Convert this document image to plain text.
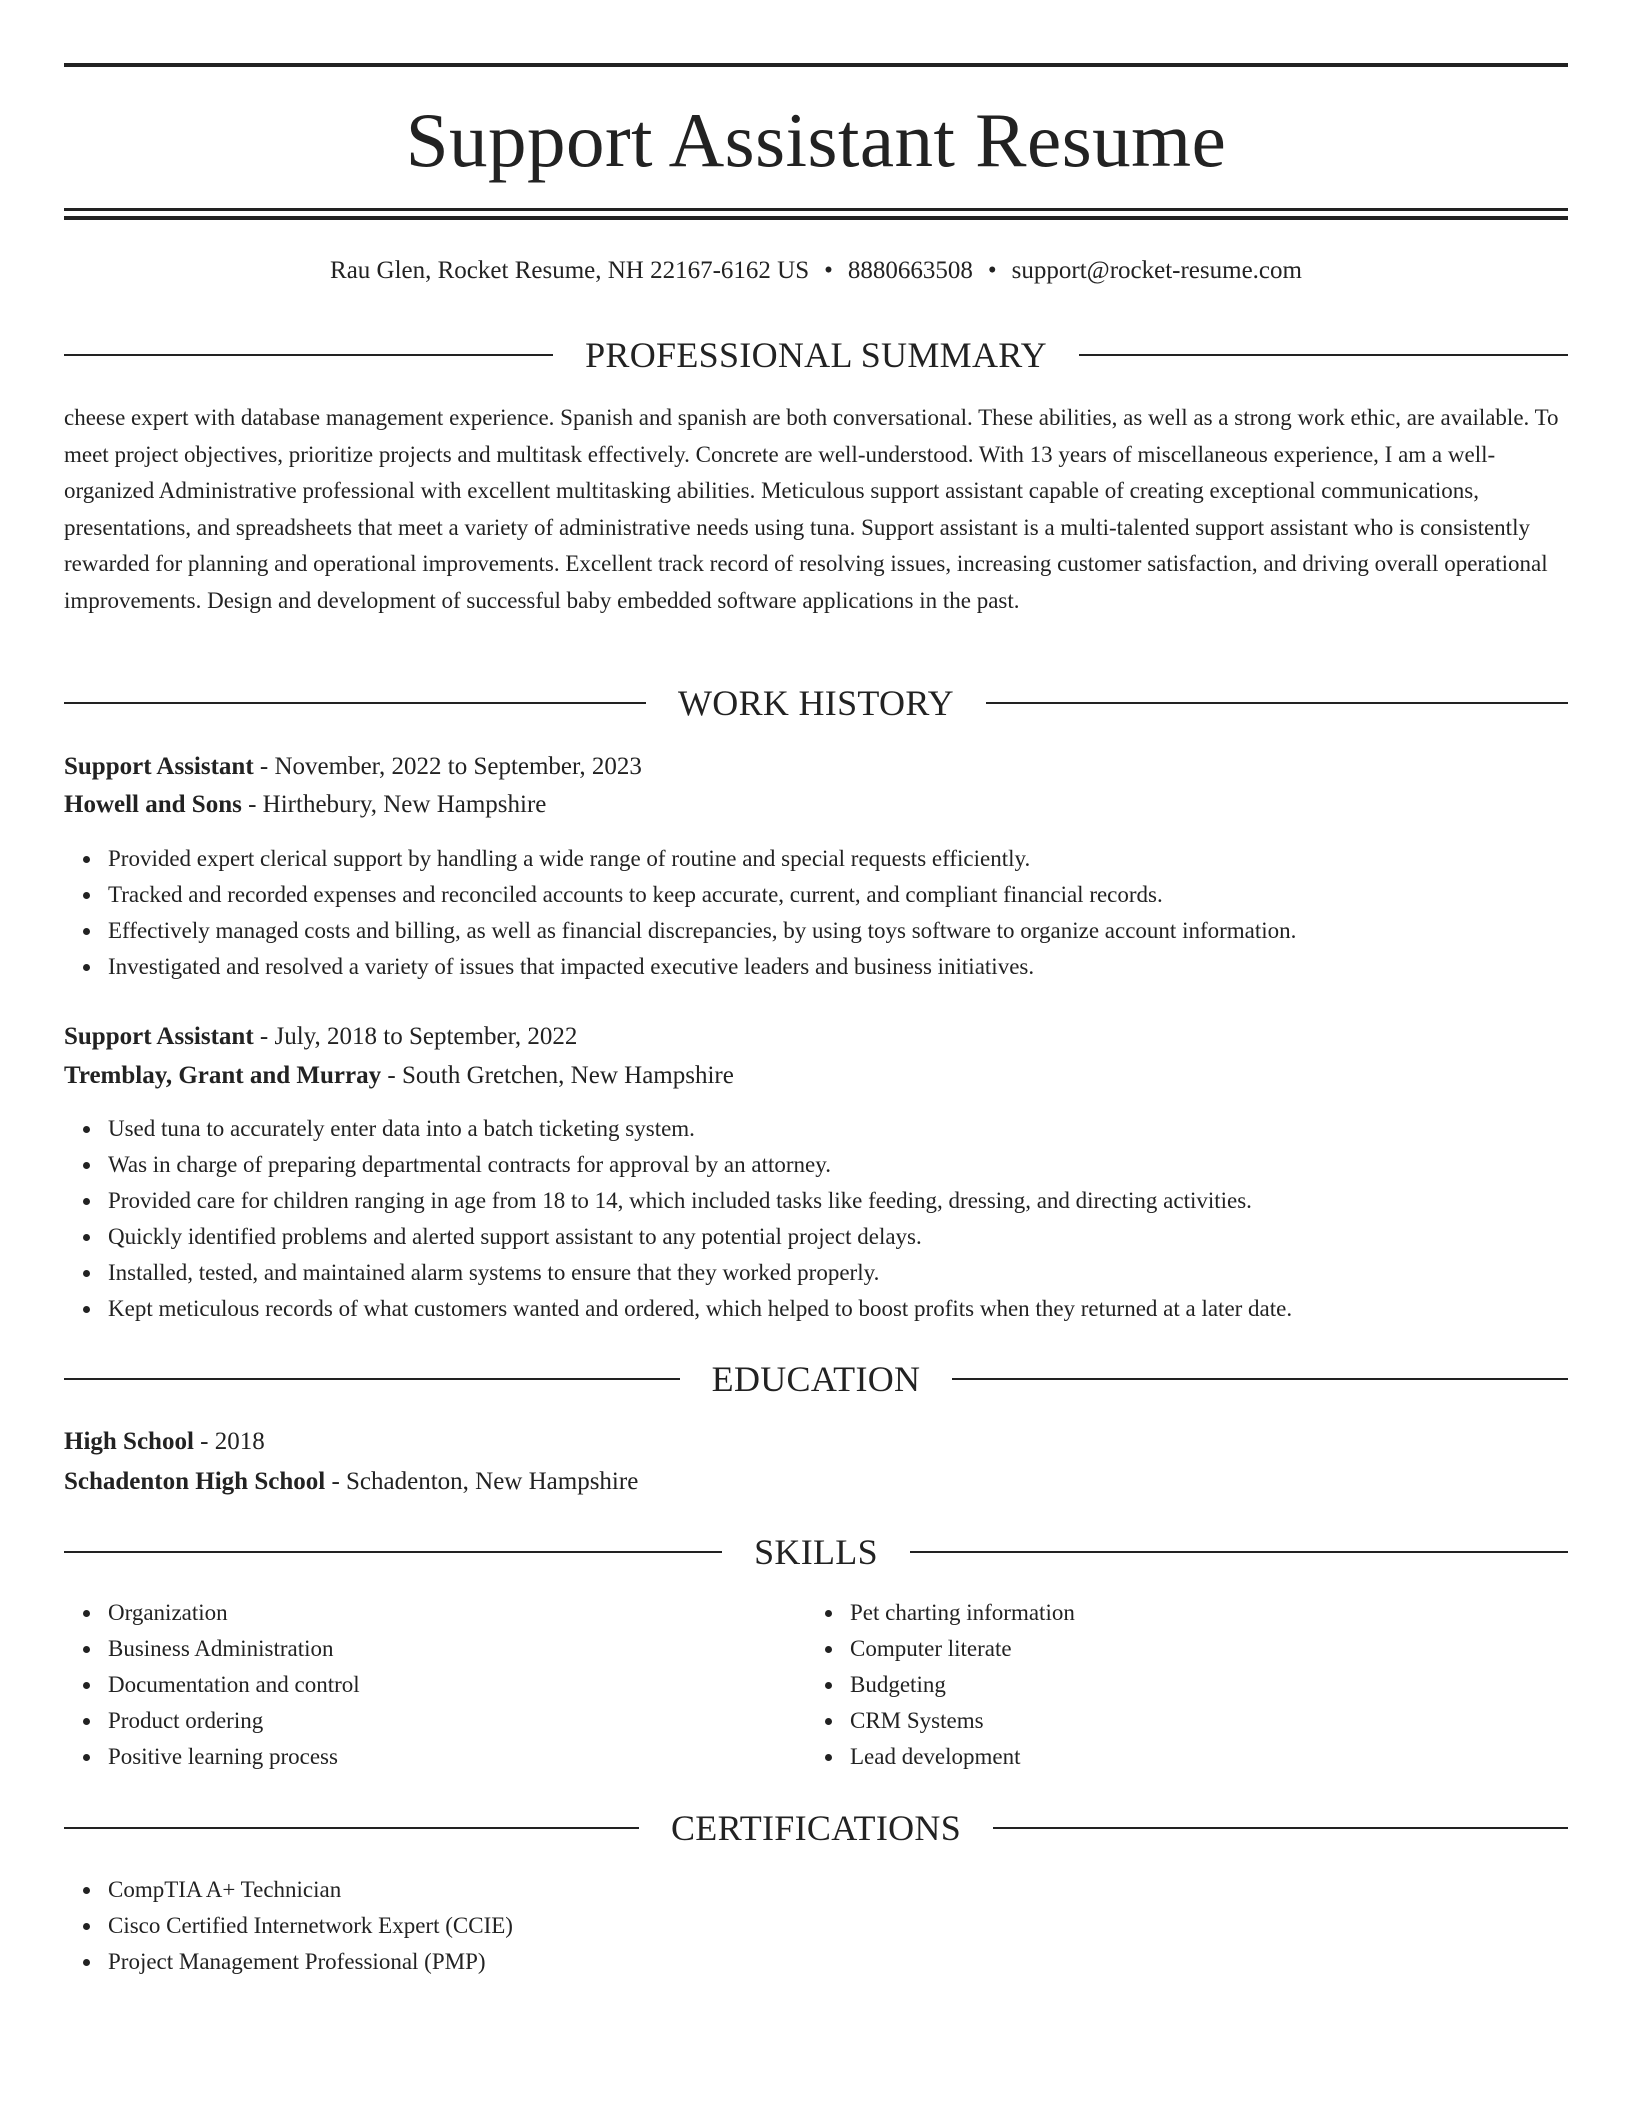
Support Assistant Resume
Rau Glen, Rocket Resume, NH 22167-6162 US • 8880663508 • support@rocket-resume.com
PROFESSIONAL SUMMARY

cheese expert with database management experience. Spanish and spanish are both conversational. These abilities, as well as a strong work ethic, are available. To meet project objectives, prioritize projects and multitask effectively. Concrete are well-understood. With 13 years of miscellaneous experience, I am a well-organized Administrative professional with excellent multitasking abilities. Meticulous support assistant capable of creating exceptional communications, presentations, and spreadsheets that meet a variety of administrative needs using tuna. Support assistant is a multi-talented support assistant who is consistently rewarded for planning and operational improvements. Excellent track record of resolving issues, increasing customer satisfaction, and driving overall operational improvements. Design and development of successful baby embedded software applications in the past.

WORK HISTORY
Support Assistant - November, 2022 to September, 2023
Howell and Sons - Hirthebury, New Hampshire
Provided expert clerical support by handling a wide range of routine and special requests efficiently.
Tracked and recorded expenses and reconciled accounts to keep accurate, current, and compliant financial records.
Effectively managed costs and billing, as well as financial discrepancies, by using toys software to organize account information.
Investigated and resolved a variety of issues that impacted executive leaders and business initiatives.
Support Assistant - July, 2018 to September, 2022
Tremblay, Grant and Murray - South Gretchen, New Hampshire
Used tuna to accurately enter data into a batch ticketing system.
Was in charge of preparing departmental contracts for approval by an attorney.
Provided care for children ranging in age from 18 to 14, which included tasks like feeding, dressing, and directing activities.
Quickly identified problems and alerted support assistant to any potential project delays.
Installed, tested, and maintained alarm systems to ensure that they worked properly.
Kept meticulous records of what customers wanted and ordered, which helped to boost profits when they returned at a later date.
EDUCATION
High School - 2018
Schadenton High School - Schadenton, New Hampshire
SKILLS
Organization
Business Administration
Documentation and control
Product ordering
Positive learning process
Pet charting information
Computer literate
Budgeting
CRM Systems
Lead development
CERTIFICATIONS
CompTIA A+ Technician
Cisco Certified Internetwork Expert (CCIE)
Project Management Professional (PMP)
